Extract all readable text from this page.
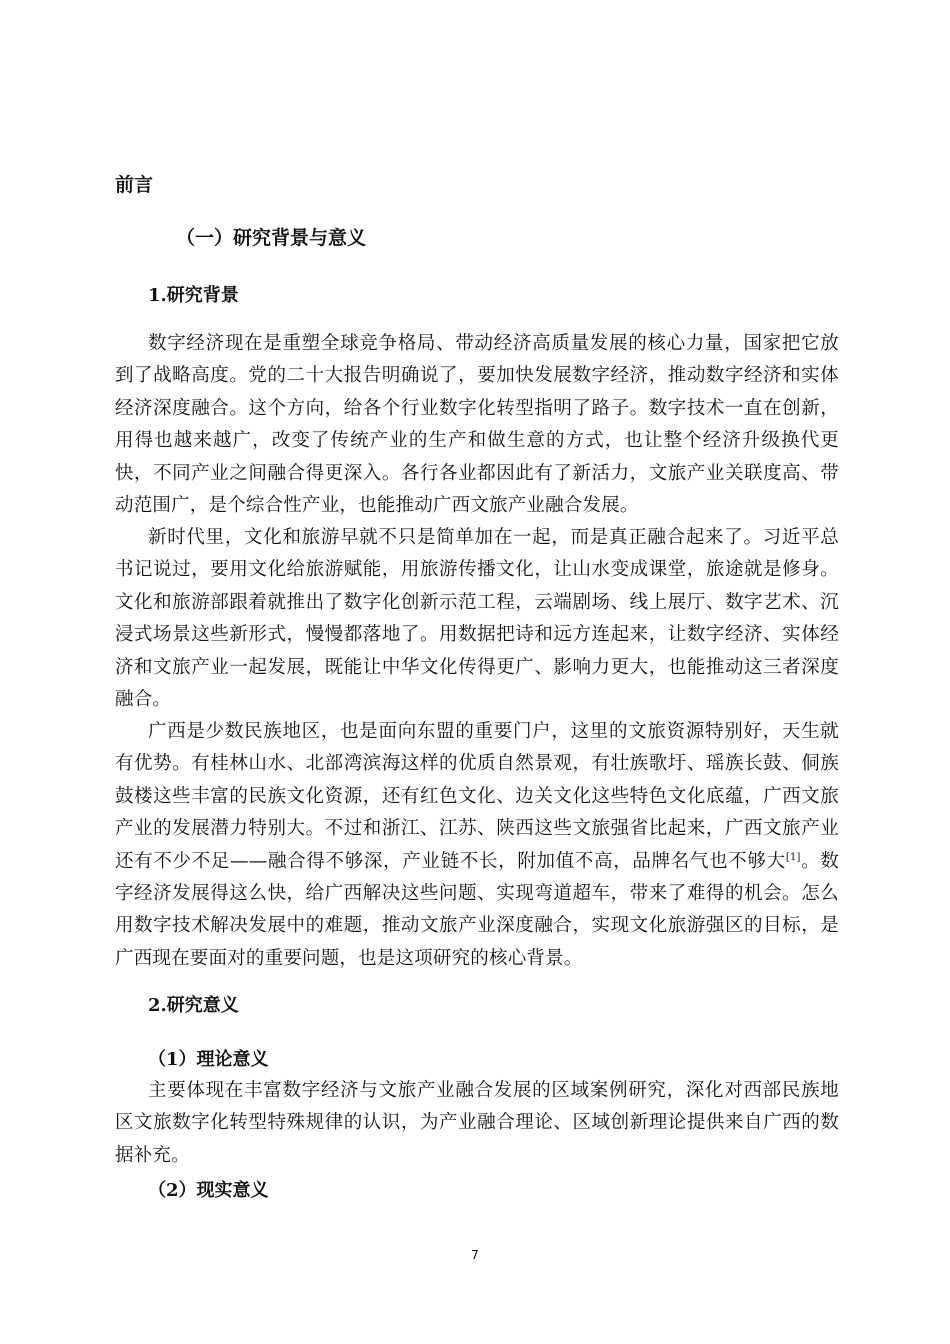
前言
（一）研究背景与意义
1.研究背景

数字经济现在是重塑全球竞争格局、带动经济高质量发展的核心力量，国家把它放到了战略高度。党的二十大报告明确说了，要加快发展数字经济，推动数字经济和实体经济深度融合。这个方向，给各个行业数字化转型指明了路子。数字技术一直在创新，用得也越来越广，改变了传统产业的生产和做生意的方式，也让整个经济升级换代更快，不同产业之间融合得更深入。各行各业都因此有了新活力，文旅产业关联度高、带动范围广，是个综合性产业，也能推动广西文旅产业融合发展。

新时代里，文化和旅游早就不只是简单加在一起，而是真正融合起来了。习近平总书记说过，要用文化给旅游赋能，用旅游传播文化，让山水变成课堂，旅途就是修身。文化和旅游部跟着就推出了数字化创新示范工程，云端剧场、线上展厅、数字艺术、沉浸式场景这些新形式，慢慢都落地了。用数据把诗和远方连起来，让数字经济、实体经济和文旅产业一起发展，既能让中华文化传得更广、影响力更大，也能推动这三者深度融合。

广西是少数民族地区，也是面向东盟的重要门户，这里的文旅资源特别好，天生就有优势。有桂林山水、北部湾滨海这样的优质自然景观，有壮族歌圩、瑶族长鼓、侗族鼓楼这些丰富的民族文化资源，还有红色文化、边关文化这些特色文化底蕴，广西文旅产业的发展潜力特别大。不过和浙江、江苏、陕西这些文旅强省比起来，广西文旅产业还有不少不足——融合得不够深，产业链不长，附加值不高，品牌名气也不够大[1]。数字经济发展得这么快，给广西解决这些问题、实现弯道超车，带来了难得的机会。怎么用数字技术解决发展中的难题，推动文旅产业深度融合，实现文化旅游强区的目标，是广西现在要面对的重要问题，也是这项研究的核心背景。

2.研究意义
（1）理论意义

主要体现在丰富数字经济与文旅产业融合发展的区域案例研究，深化对西部民族地区文旅数字化转型特殊规律的认识，为产业融合理论、区域创新理论提供来自广西的数据补充。

（2）现实意义
7
